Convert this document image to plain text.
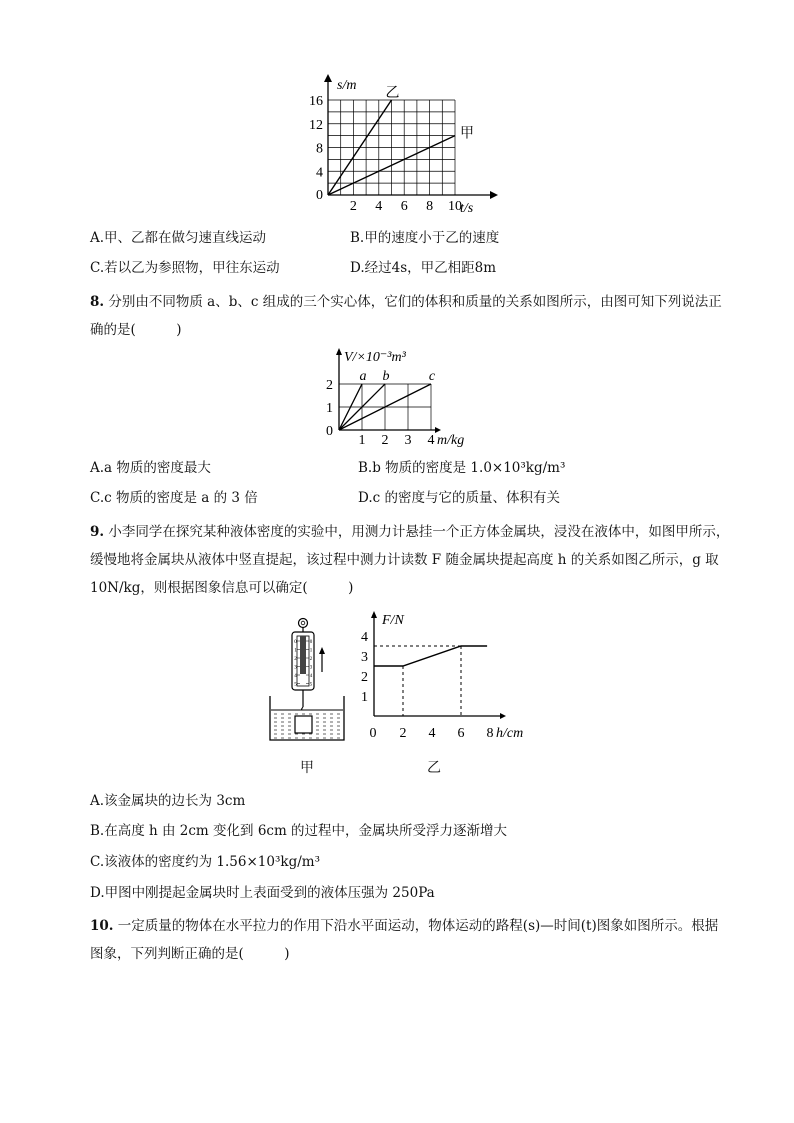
2 4 6 8 10
4
8
12
16
0
t/s
s/m
乙
甲
A.甲、乙都在做匀速直线运动	B.甲的速度小于乙的速度
C.若以乙为参照物，甲往东运动	D.经过4s，甲乙相距8m
8. 分别由不同物质 a、b、c 组成的三个实心体，它们的体积和质量的关系如图所示，由图可知下列说法正确的是(　　　)
1 2 3 4
1
2
0
m/kg
V/×10⁻³m³
a b	c
A.a 物质的密度最大	B.b 物质的密度是 1.0×10³kg/m³
C.c 物质的密度是 a 的 3 倍	D.c 的密度与它的质量、体积有关
9. 小李同学在探究某种液体密度的实验中，用测力计悬挂一个正方体金属块，浸没在液体中，如图甲所示，缓慢地将金属块从液体中竖直提起，该过程中测力计读数 F 随金属块提起高度 h 的关系如图乙所示，g 取 10N/kg，则根据图象信息可以确定(　　　)
0	0
1	1
2	2
3	3
4	4
5	5
2 4 6 8
1
2
3
4
0	h/cm
F/N
甲	乙
A.该金属块的边长为 3cm
B.在高度 h 由 2cm 变化到 6cm 的过程中，金属块所受浮力逐渐增大
C.该液体的密度约为 1.56×10³kg/m³
D.甲图中刚提起金属块时上表面受到的液体压强为 250Pa
10. 一定质量的物体在水平拉力的作用下沿水平面运动，物体运动的路程(s)—时间(t)图象如图所示。根据图象，下列判断正确的是(　　　)
